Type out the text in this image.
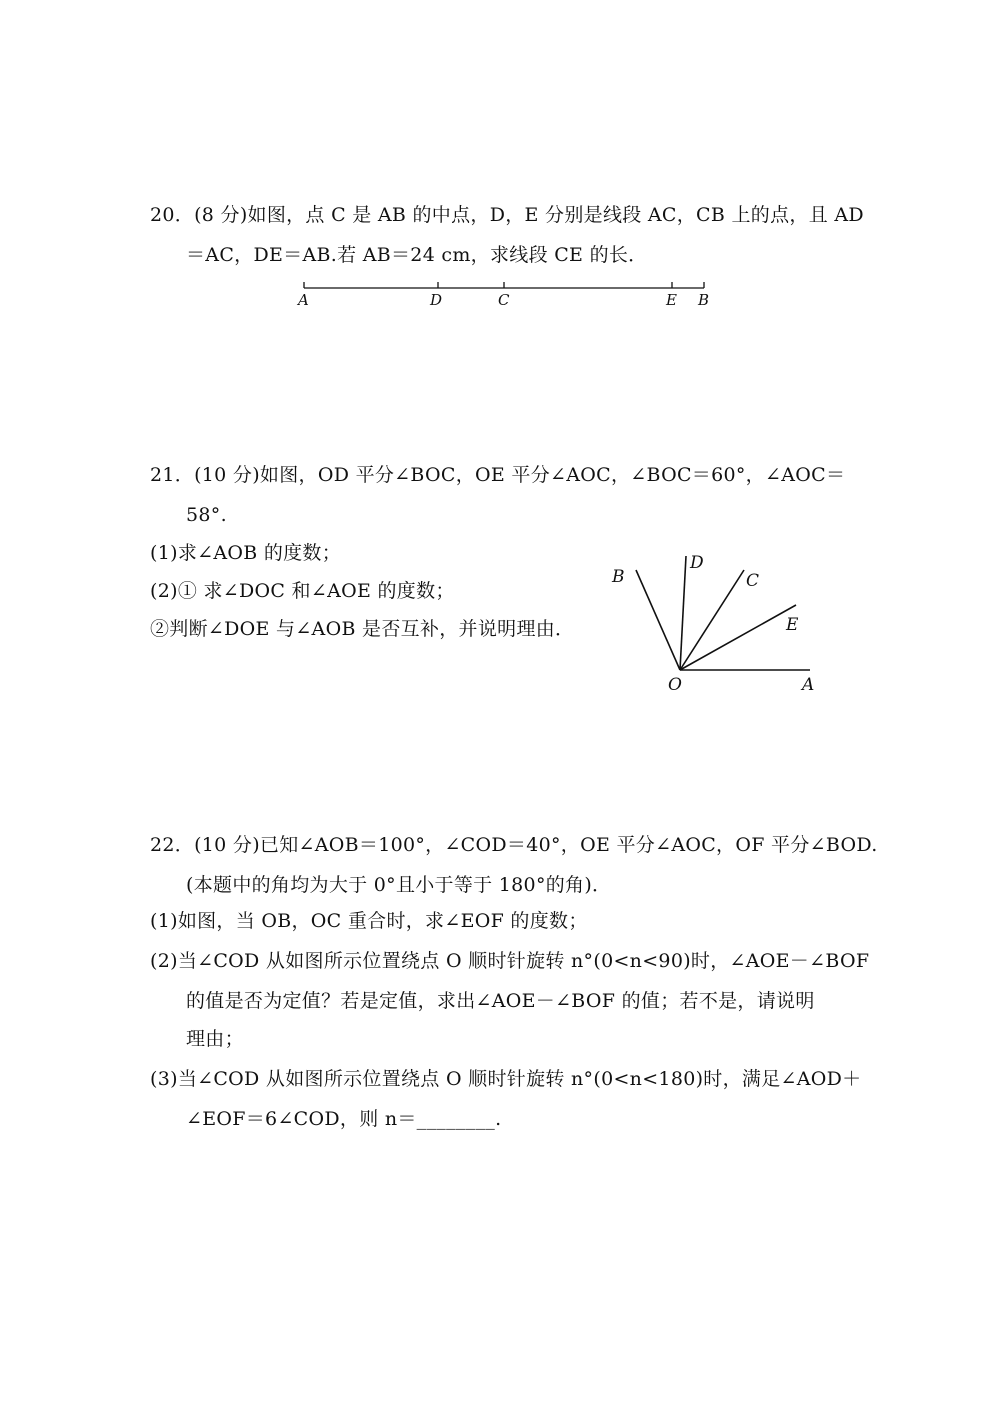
20．(8 分)如图，点 C 是 AB 的中点，D，E 分别是线段 AC，CB 上的点，且 AD
＝AC，DE＝AB.若 AB＝24 cm，求线段 CE 的长．
A	D	C	E B
21．(10 分)如图，OD 平分∠BOC，OE 平分∠AOC，∠BOC＝60°，∠AOC＝
58°.
(1)求∠AOB 的度数；
(2)① 求∠DOC 和∠AOE 的度数；
②判断∠DOE 与∠AOB 是否互补，并说明理由．
B
D
C
E
O	A
22．(10 分)已知∠AOB＝100°，∠COD＝40°，OE 平分∠AOC，OF 平分∠BOD.
(本题中的角均为大于 0°且小于等于 180°的角)．
(1)如图，当 OB，OC 重合时，求∠EOF 的度数；
(2)当∠COD 从如图所示位置绕点 O 顺时针旋转 n°(0<n<90)时，∠AOE－∠BOF
的值是否为定值？若是定值，求出∠AOE－∠BOF 的值；若不是，请说明
理由；
(3)当∠COD 从如图所示位置绕点 O 顺时针旋转 n°(0<n<180)时，满足∠AOD＋
∠EOF＝6∠COD，则 n＝________.
